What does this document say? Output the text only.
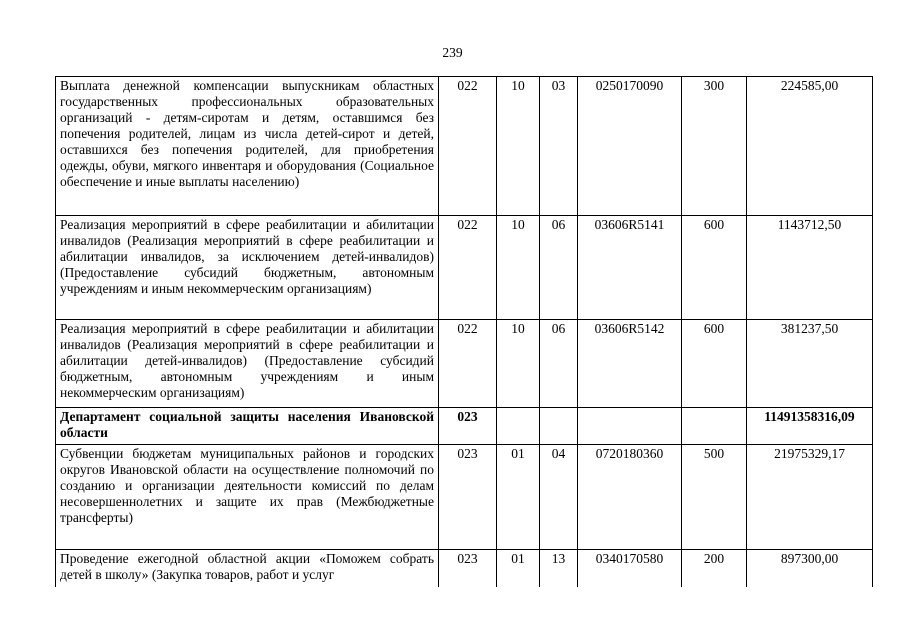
239
Выплата денежной компенсации выпускникам областных государственных профессиональных образовательных организаций - детям-сиротам и детям, оставшимся без попечения родителей, лицам из числа детей-сирот и детей, оставшихся без попечения родителей, для приобретения одежды, обуви, мягкого инвентаря и оборудования (Социальное обеспечение и иные выплаты населению)	022	10	03	0250170090	300	224585,00
Реализация мероприятий в сфере реабилитации и абилитации инвалидов (Реализация мероприятий в сфере реабилитации и абилитации инвалидов, за исключением детей-инвалидов) (Предоставление субсидий бюджетным, автономным учреждениям и иным некоммерческим организациям)	022	10	06	03606R5141	600	1143712,50
Реализация мероприятий в сфере реабилитации и абилитации инвалидов (Реализация мероприятий в сфере реабилитации и абилитации детей-инвалидов) (Предоставление субсидий бюджетным, автономным учреждениям и иным некоммерческим организациям)	022	10	06	03606R5142	600	381237,50
Департамент социальной защиты населения Ивановской области	023					11491358316,09
Субвенции бюджетам муниципальных районов и городских округов Ивановской области на осуществление полномочий по созданию и организации деятельности комиссий по делам несовершеннолетних и защите их прав (Межбюджетные трансферты)	023	01	04	0720180360	500	21975329,17
Проведение ежегодной областной акции «Поможем собрать детей в школу» (Закупка товаров, работ и услуг	023	01	13	0340170580	200	897300,00
